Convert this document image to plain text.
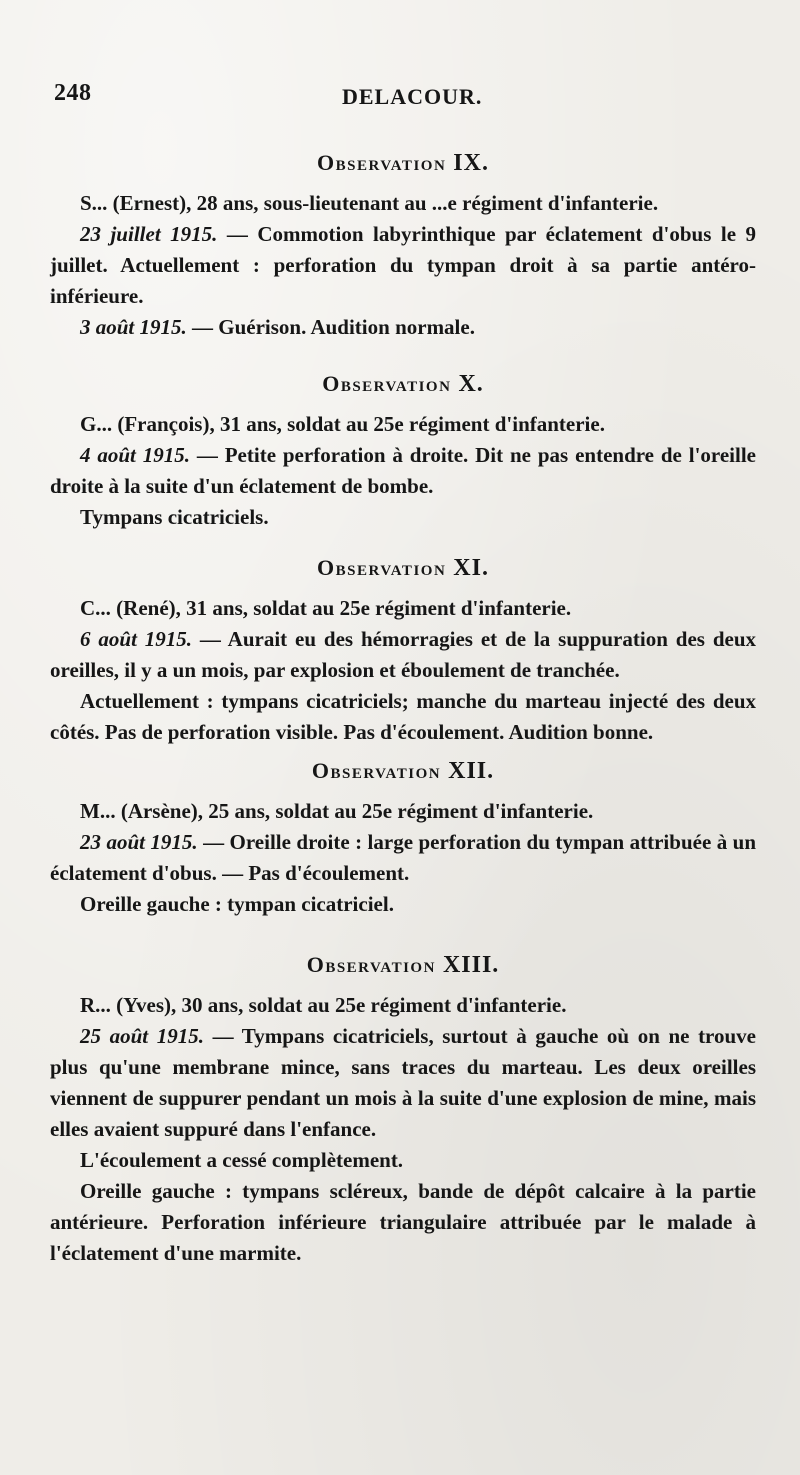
248	DELACOUR.
Observation IX.

S... (Ernest), 28 ans, sous-lieutenant au ...e régiment d'infanterie.

23 juillet 1915. — Commotion labyrinthique par éclatement d'obus le 9 juillet. Actuellement : perforation du tympan droit à sa partie antéro-inférieure.

3 août 1915. — Guérison. Audition normale.

Observation X.

G... (François), 31 ans, soldat au 25e régiment d'infanterie.

4 août 1915. — Petite perforation à droite. Dit ne pas entendre de l'oreille droite à la suite d'un éclatement de bombe.

Tympans cicatriciels.

Observation XI.

C... (René), 31 ans, soldat au 25e régiment d'infanterie.

6 août 1915. — Aurait eu des hémorragies et de la suppuration des deux oreilles, il y a un mois, par explosion et éboulement de tranchée.

Actuellement : tympans cicatriciels; manche du marteau injecté des deux côtés. Pas de perforation visible. Pas d'écoulement. Audition bonne.

Observation XII.

M... (Arsène), 25 ans, soldat au 25e régiment d'infanterie.

23 août 1915. — Oreille droite : large perforation du tympan attribuée à un éclatement d'obus. — Pas d'écoulement.

Oreille gauche : tympan cicatriciel.

Observation XIII.

R... (Yves), 30 ans, soldat au 25e régiment d'infanterie.

25 août 1915. — Tympans cicatriciels, surtout à gauche où on ne trouve plus qu'une membrane mince, sans traces du marteau. Les deux oreilles viennent de suppurer pendant un mois à la suite d'une explosion de mine, mais elles avaient suppuré dans l'enfance.

L'écoulement a cessé complètement.

Oreille gauche : tympans scléreux, bande de dépôt calcaire à la partie antérieure. Perforation inférieure triangulaire attribuée par le malade à l'éclatement d'une marmite.
